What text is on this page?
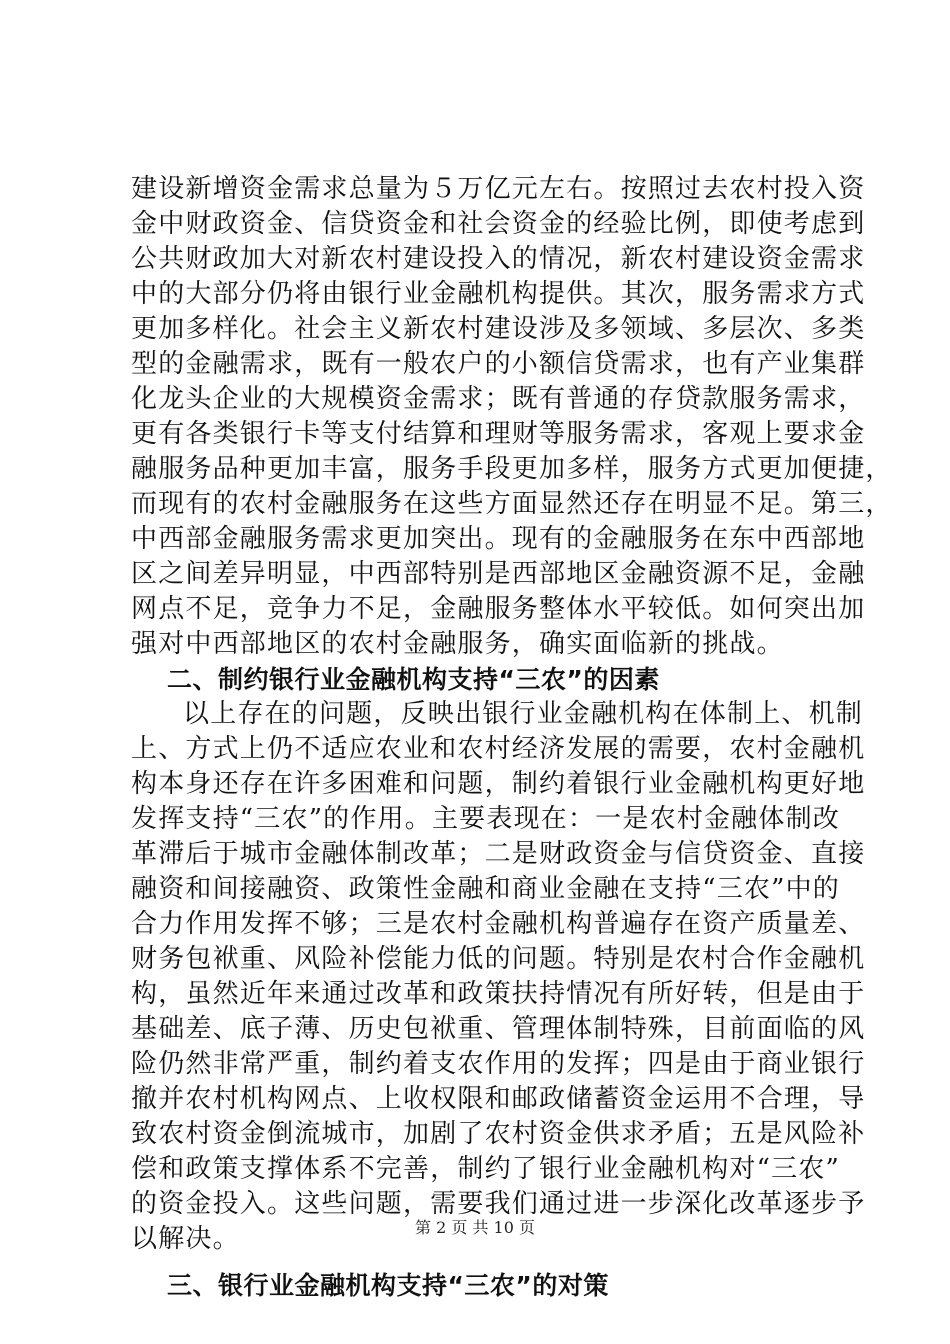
建设新增资金需求总量为５万亿元左右。按照过去农村投入资
金中财政资金、信贷资金和社会资金的经验比例，即使考虑到
公共财政加大对新农村建设投入的情况，新农村建设资金需求
中的大部分仍将由银行业金融机构提供。其次，服务需求方式
更加多样化。社会主义新农村建设涉及多领域、多层次、多类
型的金融需求，既有一般农户的小额信贷需求，也有产业集群
化龙头企业的大规模资金需求；既有普通的存贷款服务需求，
更有各类银行卡等支付结算和理财等服务需求，客观上要求金
融服务品种更加丰富，服务手段更加多样，服务方式更加便捷，
而现有的农村金融服务在这些方面显然还存在明显不足。第三，
中西部金融服务需求更加突出。现有的金融服务在东中西部地
区之间差异明显，中西部特别是西部地区金融资源不足，金融
网点不足，竞争力不足，金融服务整体水平较低。如何突出加
强对中西部地区的农村金融服务，确实面临新的挑战。
二、制约银行业金融机构支持“三农”的因素
以上存在的问题，反映出银行业金融机构在体制上、机制
上、方式上仍不适应农业和农村经济发展的需要，农村金融机
构本身还存在许多困难和问题，制约着银行业金融机构更好地
发挥支持“三农”的作用。主要表现在：一是农村金融体制改
革滞后于城市金融体制改革；二是财政资金与信贷资金、直接
融资和间接融资、政策性金融和商业金融在支持“三农”中的
合力作用发挥不够；三是农村金融机构普遍存在资产质量差、
财务包袱重、风险补偿能力低的问题。特别是农村合作金融机
构，虽然近年来通过改革和政策扶持情况有所好转，但是由于
基础差、底子薄、历史包袱重、管理体制特殊，目前面临的风
险仍然非常严重，制约着支农作用的发挥；四是由于商业银行
撤并农村机构网点、上收权限和邮政储蓄资金运用不合理，导
致农村资金倒流城市，加剧了农村资金供求矛盾；五是风险补
偿和政策支撑体系不完善，制约了银行业金融机构对“三农”
的资金投入。这些问题，需要我们通过进一步深化改革逐步予
以解决。
三、银行业金融机构支持“三农”的对策
第 2 页 共 10 页
